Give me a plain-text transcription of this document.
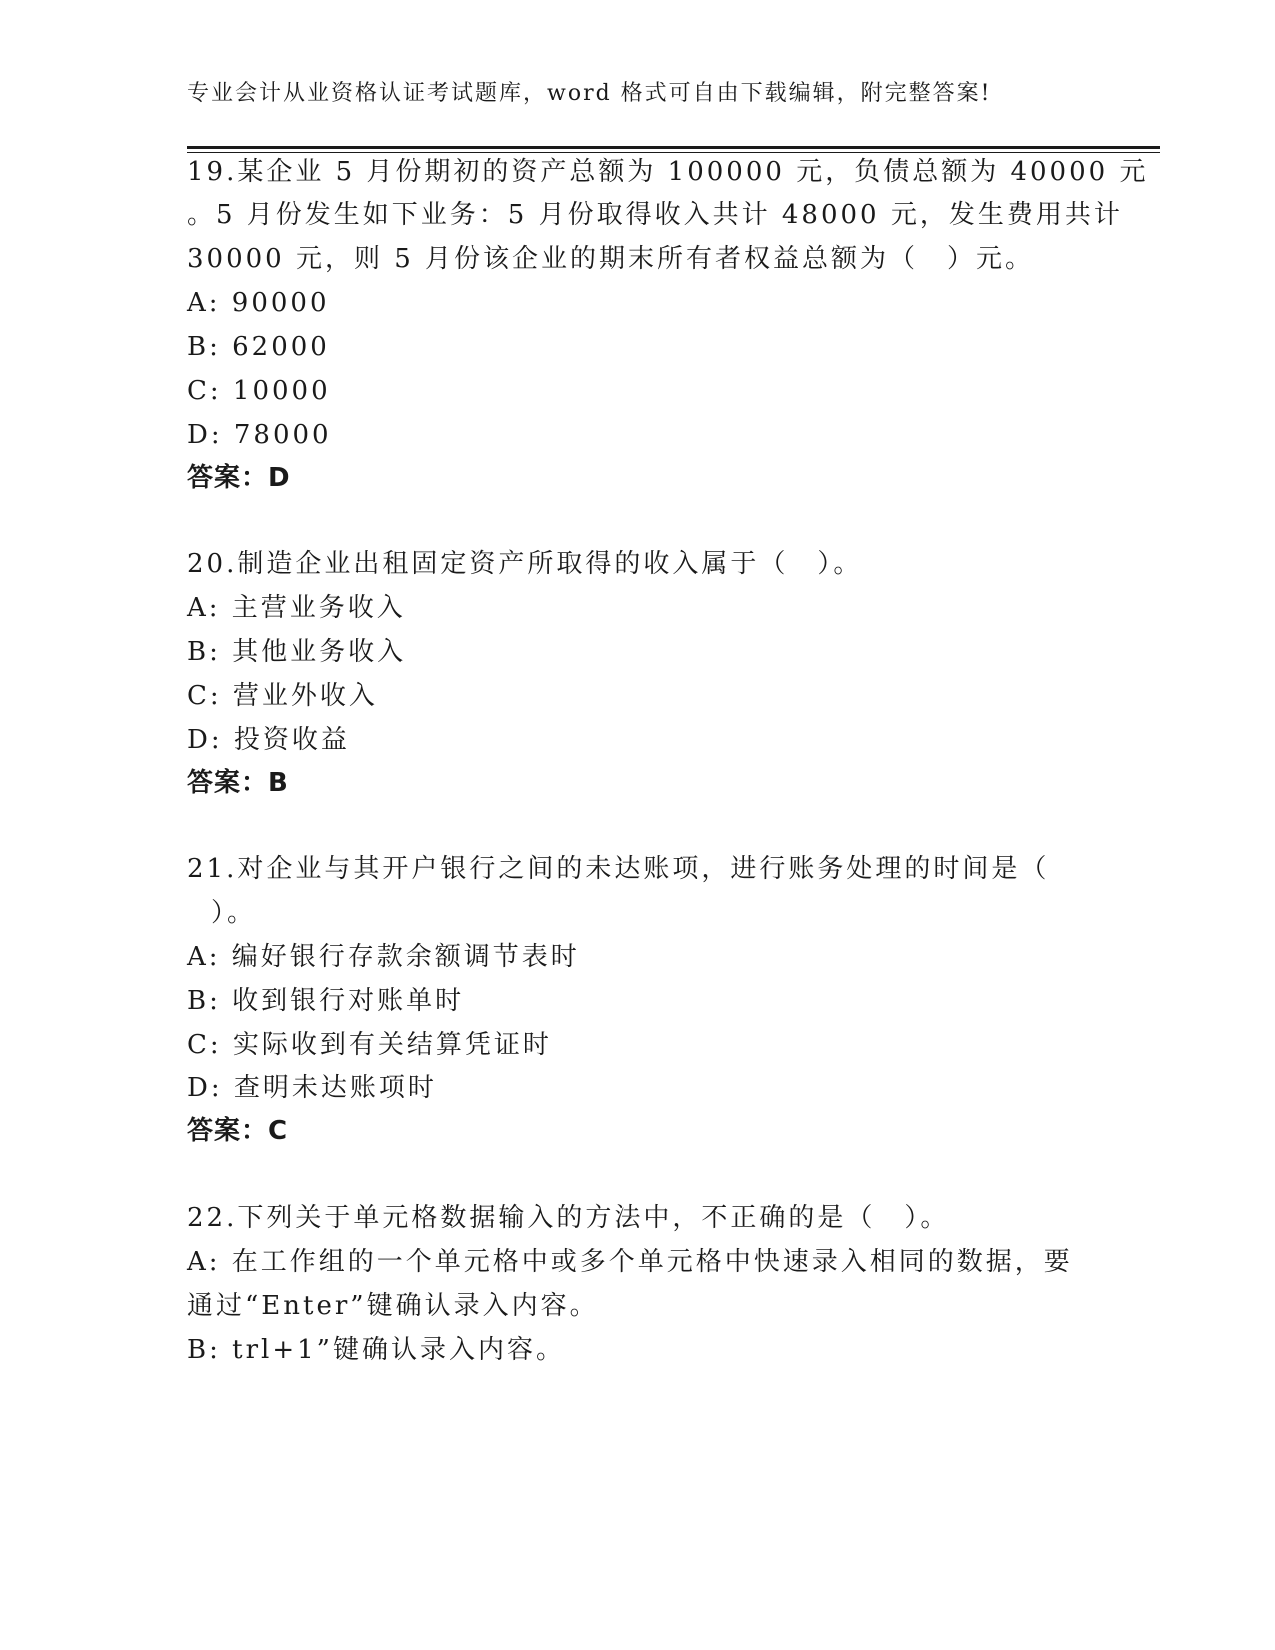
专业会计从业资格认证考试题库，word 格式可自由下载编辑，附完整答案!
19.某企业 5 月份期初的资产总额为 100000 元，负债总额为 40000 元
。5 月份发生如下业务：5 月份取得收入共计 48000 元，发生费用共计
30000 元，则 5 月份该企业的期末所有者权益总额为（　）元。
A: 90000
B: 62000
C: 10000
D: 78000
答案：D
20.制造企业出租固定资产所取得的收入属于（　）。
A: 主营业务收入
B: 其他业务收入
C: 营业外收入
D: 投资收益
答案：B
21.对企业与其开户银行之间的未达账项，进行账务处理的时间是（
）。
A: 编好银行存款余额调节表时
B: 收到银行对账单时
C: 实际收到有关结算凭证时
D: 查明未达账项时
答案：C
22.下列关于单元格数据输入的方法中，不正确的是（　）。
A: 在工作组的一个单元格中或多个单元格中快速录入相同的数据，要
通过“Enter”键确认录入内容。
B: trl+1”键确认录入内容。
